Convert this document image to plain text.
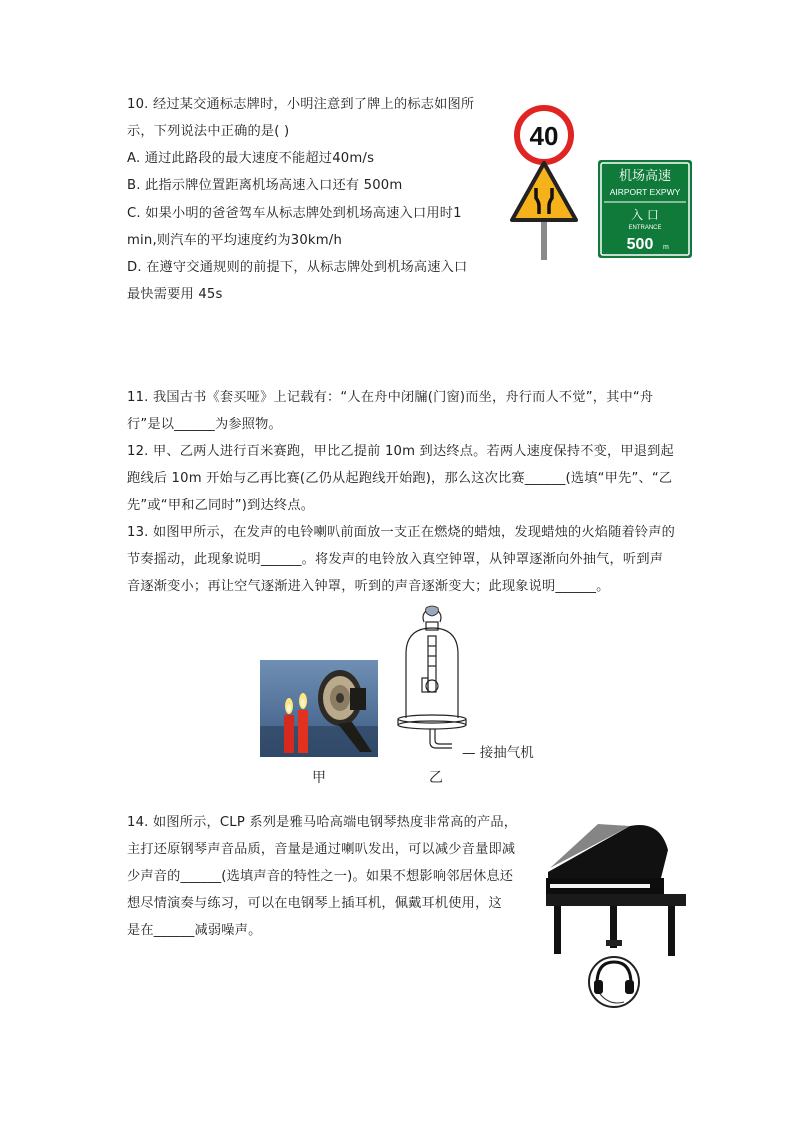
10. 经过某交通标志牌时，小明注意到了牌上的标志如图所
示，下列说法中正确的是( )
A. 通过此路段的最大速度不能超过40m/s
B. 此指示牌位置距离机场高速入口还有 500m
C. 如果小明的爸爸驾车从标志牌处到机场高速入口用时1
min,则汽车的平均速度约为30km/h
D. 在遵守交通规则的前提下，从标志牌处到机场高速入口
最快需要用 45s
40
机场高速
AIRPORT EXPWY
入 口
ENTRANCE
500 m
11. 我国古书《套买哑》上记载有：“人在舟中闭牖(门窗)而坐，舟行而人不觉”，其中“舟
行”是以______为参照物。
12. 甲、乙两人进行百米赛跑，甲比乙提前 10m 到达终点。若两人速度保持不变，甲退到起
跑线后 10m 开始与乙再比赛(乙仍从起跑线开始跑)，那么这次比赛______(选填“甲先”、“乙
先”或“甲和乙同时”)到达终点。
13. 如图甲所示，在发声的电铃喇叭前面放一支正在燃烧的蜡烛，发现蜡烛的火焰随着铃声的
节奏摇动，此现象说明______。将发声的电铃放入真空钟罩，从钟罩逐渐向外抽气，听到声
音逐渐变小；再让空气逐渐进入钟罩，听到的声音逐渐变大；此现象说明______。
— 接抽气机
甲	乙
14. 如图所示，CLP 系列是雅马哈高端电钢琴热度非常高的产品，
主打还原钢琴声音品质，音量是通过喇叭发出，可以减少音量即减
少声音的______(选填声音的特性之一)。如果不想影响邻居休息还
想尽情演奏与练习，可以在电钢琴上插耳机，佩戴耳机使用，这
是在______减弱噪声。
